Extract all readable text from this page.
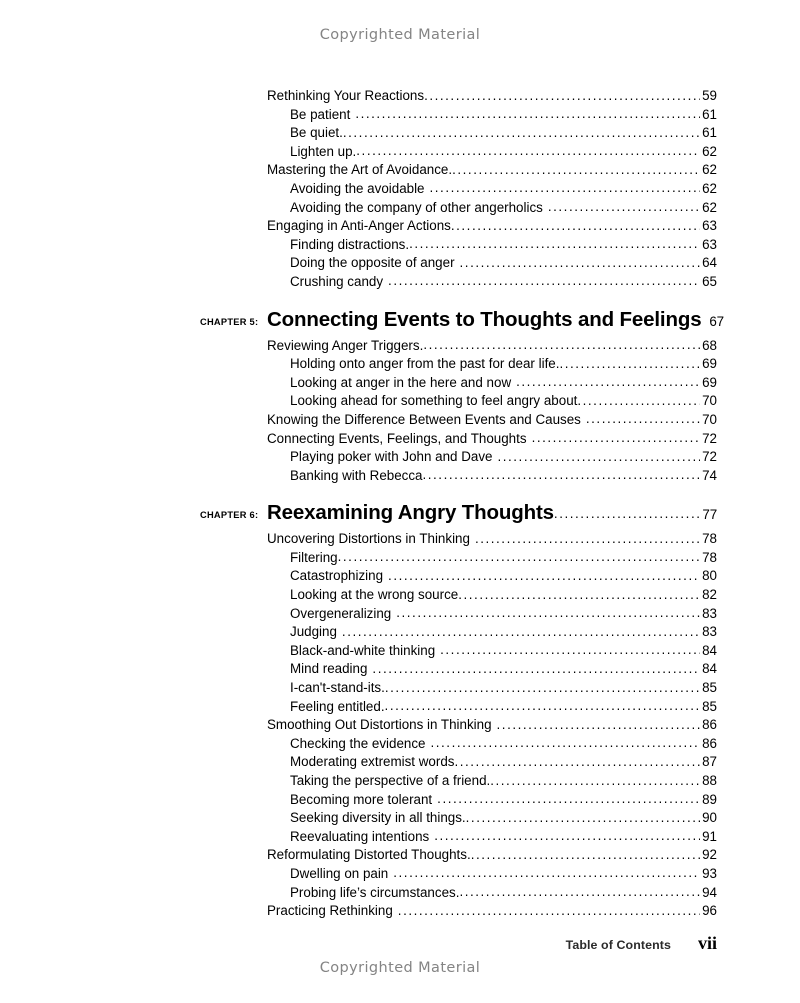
Copyrighted Material
Rethinking Your Reactions .....	59
Be patient .....	61
Be quiet. .....	61
Lighten up. .....	62
Mastering the Art of Avoidance. .....	62
Avoiding the avoidable .....	62
Avoiding the company of other angerholics .....	62
Engaging in Anti-Anger Actions .....	63
Finding distractions. .....	63
Doing the opposite of anger .....	64
Crushing candy .....	65
CHAPTER 5: Connecting Events to Thoughts and Feelings 67
Reviewing Anger Triggers. .....	68
Holding onto anger from the past for dear life. .....	69
Looking at anger in the here and now .....	69
Looking ahead for something to feel angry about .....	70
Knowing the Difference Between Events and Causes .....	70
Connecting Events, Feelings, and Thoughts .....	72
Playing poker with John and Dave .....	72
Banking with Rebecca .....	74
CHAPTER 6: Reexamining Angry Thoughts .....	77
Uncovering Distortions in Thinking .....	78
Filtering .....	78
Catastrophizing .....	80
Looking at the wrong source .....	82
Overgeneralizing .....	83
Judging .....	83
Black-and-white thinking .....	84
Mind reading .....	84
I-can't-stand-its. .....	85
Feeling entitled. .....	85
Smoothing Out Distortions in Thinking .....	86
Checking the evidence .....	86
Moderating extremist words .....	87
Taking the perspective of a friend. .....	88
Becoming more tolerant .....	89
Seeking diversity in all things. .....	90
Reevaluating intentions .....	91
Reformulating Distorted Thoughts. .....	92
Dwelling on pain .....	93
Probing life’s circumstances. .....	94
Practicing Rethinking .....	96
Table of Contents vii
Copyrighted Material
